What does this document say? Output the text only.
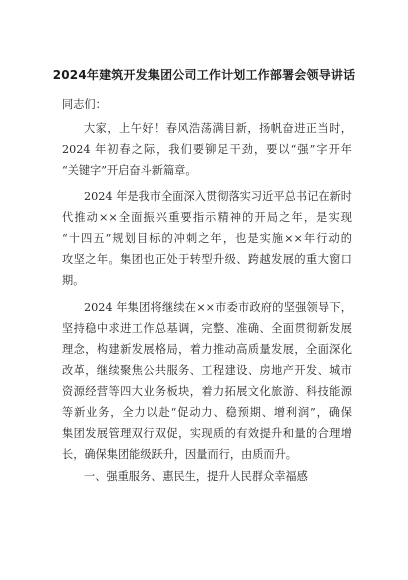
2024年建筑开发集团公司工作计划工作部署会领导讲话
同志们：
大家，上午好！春风浩荡满目新，扬帆奋进正当时，
2024 年初春之际，我们要铆足干劲，要以“强”字开年
“关键字”开启奋斗新篇章。
2024 年是我市全面深入贯彻落实习近平总书记在新时
代推动××全面振兴重要指示精神的开局之年，是实现
“十四五”规划目标的冲刺之年，也是实施××年行动的
攻坚之年。集团也正处于转型升级、跨越发展的重大窗口
期。
2024 年集团将继续在××市委市政府的坚强领导下，
坚持稳中求进工作总基调，完整、准确、全面贯彻新发展
理念，构建新发展格局，着力推动高质量发展，全面深化
改革，继续聚焦公共服务、工程建设、房地产开发、城市
资源经营等四大业务板块，着力拓展文化旅游、科技能源
等新业务，全力以赴“促动力、稳预期、增利润”，确保
集团发展管理双行双促，实现质的有效提升和量的合理增
长，确保集团能级跃升，因量而行，由质而升。
一、强重服务、惠民生，提升人民群众幸福感
